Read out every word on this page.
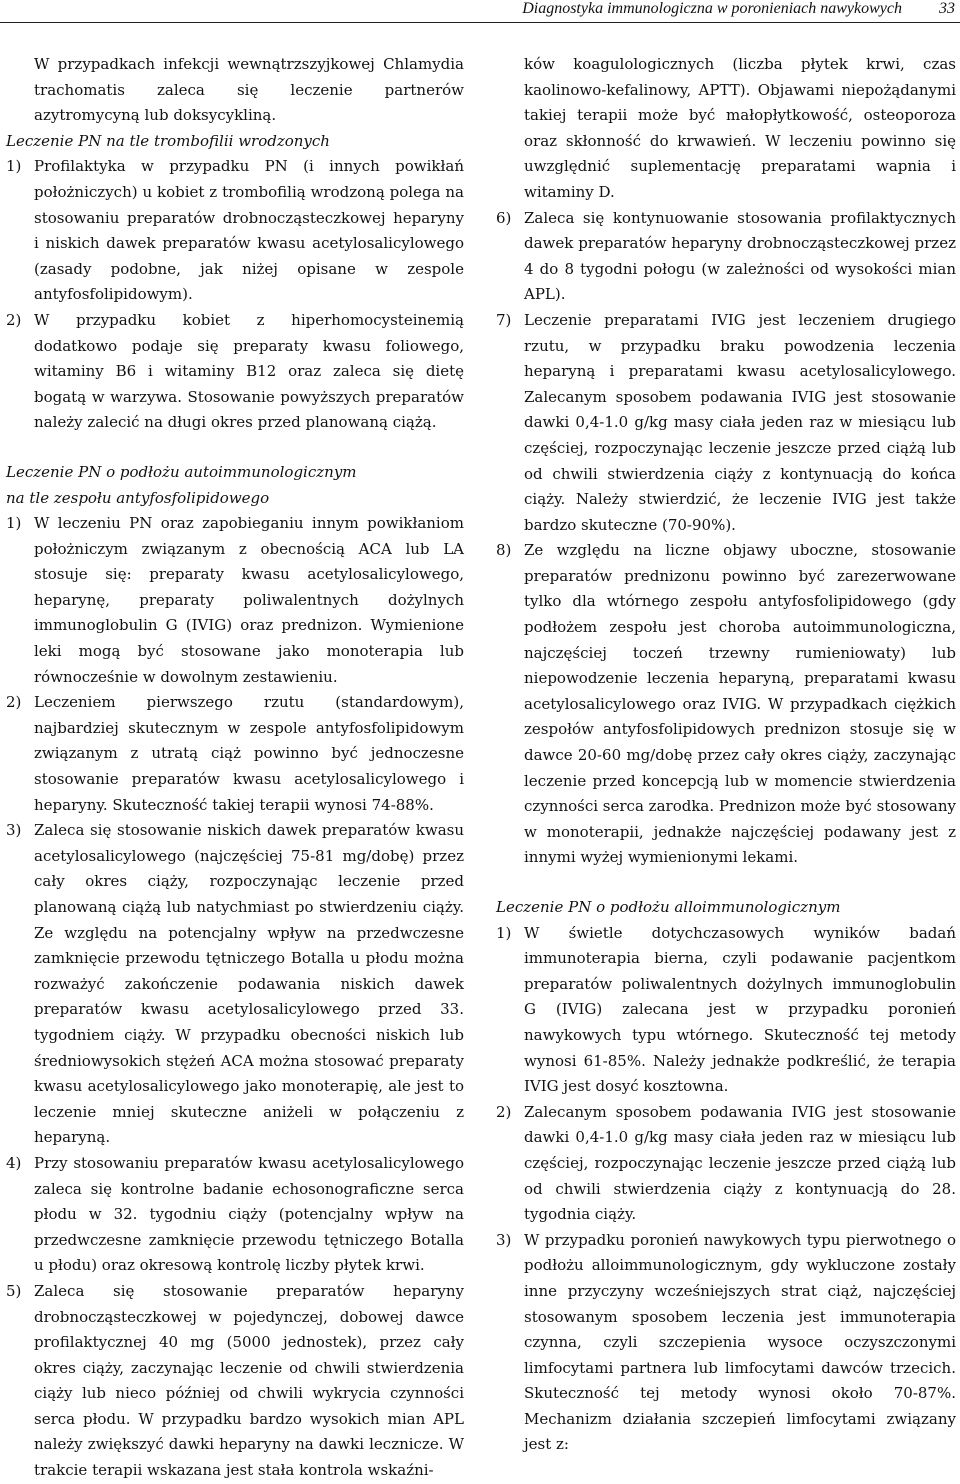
Diagnostyka immunologiczna w poronieniach nawykowych 33

W przypadkach infekcji wewnątrzszyjkowej Chlamydia trachomatis zaleca się leczenie partnerów azytromycyną lub doksycykliną.

Leczenie PN na tle trombofilii wrodzonych

1) Profilaktyka w przypadku PN (i innych powikłań położniczych) u kobiet z trombofilią wrodzoną polega na stosowaniu preparatów drobnocząsteczkowej heparyny i niskich dawek preparatów kwasu acetylosalicylowego (zasady podobne, jak niżej opisane w zespole antyfosfolipidowym).
2) W przypadku kobiet z hiperhomocysteinemią dodatkowo podaje się preparaty kwasu foliowego, witaminy B6 i witaminy B12 oraz zaleca się dietę bogatą w warzywa. Stosowanie powyższych preparatów należy zalecić na długi okres przed planowaną ciążą.

Leczenie PN o podłożu autoimmunologicznym
na tle zespołu antyfosfolipidowego

1) W leczeniu PN oraz zapobieganiu innym powikłaniom położniczym związanym z obecnością ACA lub LA stosuje się: preparaty kwasu acetylosalicylowego, heparynę, preparaty poliwalentnych dożylnych immunoglobulin G (IVIG) oraz prednizon. Wymienione leki mogą być stosowane jako monoterapia lub równocześnie w dowolnym zestawieniu.
2) Leczeniem pierwszego rzutu (standardowym), najbardziej skutecznym w zespole antyfosfolipidowym związanym z utratą ciąż powinno być jednoczesne stosowanie preparatów kwasu acetylosalicylowego i heparyny. Skuteczność takiej terapii wynosi 74-88%.
3) Zaleca się stosowanie niskich dawek preparatów kwasu acetylosalicylowego (najczęściej 75-81 mg/dobę) przez cały okres ciąży, rozpoczynając leczenie przed planowaną ciążą lub natychmiast po stwierdzeniu ciąży. Ze względu na potencjalny wpływ na przedwczesne zamknięcie przewodu tętniczego Botalla u płodu można rozważyć zakończenie podawania niskich dawek preparatów kwasu acetylosalicylowego przed 33. tygodniem ciąży. W przypadku obecności niskich lub średniowysokich stężeń ACA można stosować preparaty kwasu acetylosalicylowego jako monoterapię, ale jest to leczenie mniej skuteczne aniżeli w połączeniu z heparyną.
4) Przy stosowaniu preparatów kwasu acetylosalicylowego zaleca się kontrolne badanie echosonograficzne serca płodu w 32. tygodniu ciąży (potencjalny wpływ na przedwczesne zamknięcie przewodu tętniczego Botalla u płodu) oraz okresową kontrolę liczby płytek krwi.
5) Zaleca się stosowanie preparatów heparyny drobnocząsteczkowej w pojedynczej, dobowej dawce profilaktycznej 40 mg (5000 jednostek), przez cały okres ciąży, zaczynając leczenie od chwili stwierdzenia ciąży lub nieco później od chwili wykrycia czynności serca płodu. W przypadku bardzo wysokich mian APL należy zwiększyć dawki heparyny na dawki lecznicze. W trakcie terapii wskazana jest stała kontrola wskaźni-

ków koagulologicznych (liczba płytek krwi, czas kaolinowo-kefalinowy, APTT). Objawami niepożądanymi takiej terapii może być małopłytkowość, osteoporoza oraz skłonność do krwawień. W leczeniu powinno się uwzględnić suplementację preparatami wapnia i witaminy D.

6) Zaleca się kontynuowanie stosowania profilaktycznych dawek preparatów heparyny drobnocząsteczkowej przez 4 do 8 tygodni połogu (w zależności od wysokości mian APL).
7) Leczenie preparatami IVIG jest leczeniem drugiego rzutu, w przypadku braku powodzenia leczenia heparyną i preparatami kwasu acetylosalicylowego. Zalecanym sposobem podawania IVIG jest stosowanie dawki 0,4-1.0 g/kg masy ciała jeden raz w miesiącu lub częściej, rozpoczynając leczenie jeszcze przed ciążą lub od chwili stwierdzenia ciąży z kontynuacją do końca ciąży. Należy stwierdzić, że leczenie IVIG jest także bardzo skuteczne (70-90%).
8) Ze względu na liczne objawy uboczne, stosowanie preparatów prednizonu powinno być zarezerwowane tylko dla wtórnego zespołu antyfosfolipidowego (gdy podłożem zespołu jest choroba autoimmunologiczna, najczęściej toczeń trzewny rumieniowaty) lub niepowodzenie leczenia heparyną, preparatami kwasu acetylosalicylowego oraz IVIG. W przypadkach ciężkich zespołów antyfosfolipidowych prednizon stosuje się w dawce 20-60 mg/dobę przez cały okres ciąży, zaczynając leczenie przed koncepcją lub w momencie stwierdzenia czynności serca zarodka. Prednizon może być stosowany w monoterapii, jednakże najczęściej podawany jest z innymi wyżej wymienionymi lekami.

Leczenie PN o podłożu alloimmunologicznym

1) W świetle dotychczasowych wyników badań immunoterapia bierna, czyli podawanie pacjentkom preparatów poliwalentnych dożylnych immunoglobulin G (IVIG) zalecana jest w przypadku poronień nawykowych typu wtórnego. Skuteczność tej metody wynosi 61-85%. Należy jednakże podkreślić, że terapia IVIG jest dosyć kosztowna.
2) Zalecanym sposobem podawania IVIG jest stosowanie dawki 0,4-1.0 g/kg masy ciała jeden raz w miesiącu lub częściej, rozpoczynając leczenie jeszcze przed ciążą lub od chwili stwierdzenia ciąży z kontynuacją do 28. tygodnia ciąży.
3) W przypadku poronień nawykowych typu pierwotnego o podłożu alloimmunologicznym, gdy wykluczone zostały inne przyczyny wcześniejszych strat ciąż, najczęściej stosowanym sposobem leczenia jest immunoterapia czynna, czyli szczepienia wysoce oczyszczonymi limfocytami partnera lub limfocytami dawców trzecich. Skuteczność tej metody wynosi około 70-87%. Mechanizm działania szczepień limfocytami związany jest z:
